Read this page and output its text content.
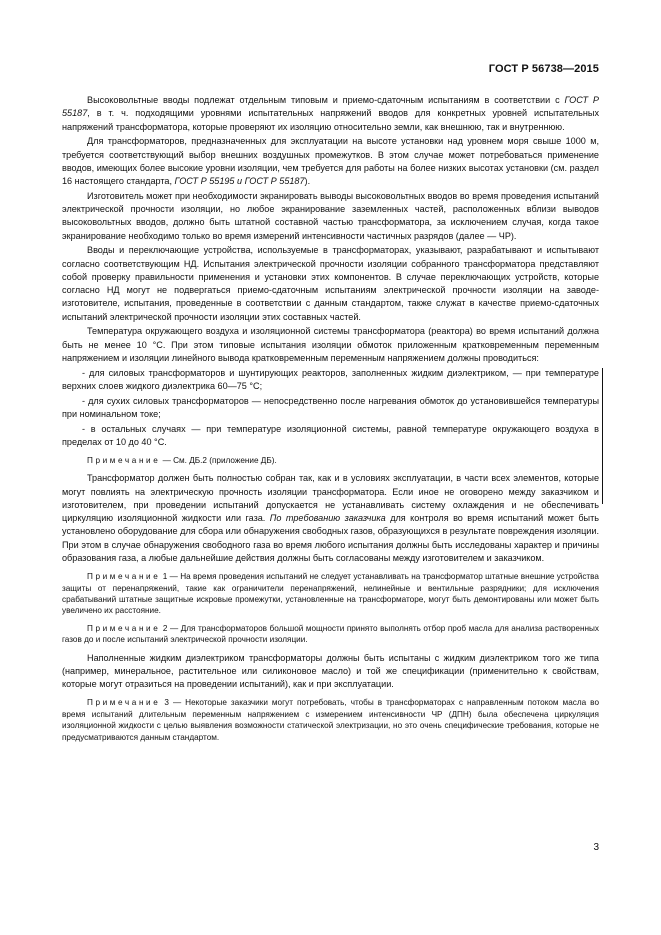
ГОСТ Р 56738—2015

Высоковольтные вводы подлежат отдельным типовым и приемо-сдаточным испытаниям в соответствии с ГОСТ Р 55187, в т. ч. подходящими уровнями испытательных напряжений вводов для конкретных уровней испытательных напряжений трансформатора, которые проверяют их изоляцию относительно земли, как внешнюю, так и внутреннюю.

Для трансформаторов, предназначенных для эксплуатации на высоте установки над уровнем моря свыше 1000 м, требуется соответствующий выбор внешних воздушных промежутков. В этом случае может потребоваться применение вводов, имеющих более высокие уровни изоляции, чем требуется для работы на более низких высотах установки (см. раздел 16 настоящего стандарта, ГОСТ Р 55195 и ГОСТ Р 55187).

Изготовитель может при необходимости экранировать выводы высоковольтных вводов во время проведения испытаний электрической прочности изоляции, но любое экранирование заземленных частей, расположенных вблизи выводов высоковольтных вводов, должно быть штатной составной частью трансформатора, за исключением случая, когда такое экранирование необходимо только во время измерений интенсивности частичных разрядов (далее — ЧР).

Вводы и переключающие устройства, используемые в трансформаторах, указывают, разрабатывают и испытывают согласно соответствующим НД. Испытания электрической прочности изоляции собранного трансформатора представляют собой проверку правильности применения и установки этих компонентов. В случае переключающих устройств, которые согласно НД могут не подвергаться приемо-сдаточным испытаниям электрической прочности изоляции на заводе-изготовителе, испытания, проведенные в соответствии с данным стандартом, также служат в качестве приемо-сдаточных испытаний электрической прочности изоляции этих составных частей.

Температура окружающего воздуха и изоляционной системы трансформатора (реактора) во время испытаний должна быть не менее 10 °С. При этом типовые испытания изоляции обмоток приложенным кратковременным переменным напряжением и изоляции линейного вывода кратковременным переменным напряжением должны проводиться:

- для силовых трансформаторов и шунтирующих реакторов, заполненных жидким диэлектриком, — при температуре верхних слоев жидкого диэлектрика 60—75 °С;

- для сухих силовых трансформаторов — непосредственно после нагревания обмоток до установившейся температуры при номинальном токе;

- в остальных случаях — при температуре изоляционной системы, равной температуре окружающего воздуха в пределах от 10 до 40 °С.

Примечание — См. ДБ.2 (приложение ДБ).

Трансформатор должен быть полностью собран так, как и в условиях эксплуатации, в части всех элементов, которые могут повлиять на электрическую прочность изоляции трансформатора. Если иное не оговорено между заказчиком и изготовителем, при проведении испытаний допускается не устанавливать систему охлаждения и не обеспечивать циркуляцию изоляционной жидкости или газа. По требованию заказчика для контроля во время испытаний может быть установлено оборудование для сбора или обнаружения свободных газов, образующихся в результате повреждения изоляции. При этом в случае обнаружения свободного газа во время любого испытания должны быть исследованы характер и причины образования газа, а любые дальнейшие действия должны быть согласованы между изготовителем и заказчиком.

Примечание 1 — На время проведения испытаний не следует устанавливать на трансформатор штатные внешние устройства защиты от перенапряжений, такие как ограничители перенапряжений, нелинейные и вентильные разрядники; для исключения срабатываний штатные защитные искровые промежутки, установленные на трансформаторе, могут быть демонтированы или может быть увеличено их расстояние.

Примечание 2 — Для трансформаторов большой мощности принято выполнять отбор проб масла для анализа растворенных газов до и после испытаний электрической прочности изоляции.

Наполненные жидким диэлектриком трансформаторы должны быть испытаны с жидким диэлектриком того же типа (например, минеральное, растительное или силиконовое масло) и той же спецификации (применительно к свойствам, которые могут отразиться на проведении испытаний), как и при эксплуатации.

Примечание 3 — Некоторые заказчики могут потребовать, чтобы в трансформаторах с направленным потоком масла во время испытаний длительным переменным напряжением с измерением интенсивности ЧР (ДПН) была обеспечена циркуляция изоляционной жидкости с целью выявления возможности статической электризации, но это очень специфические требования, которые не предусматриваются данным стандартом.

3
